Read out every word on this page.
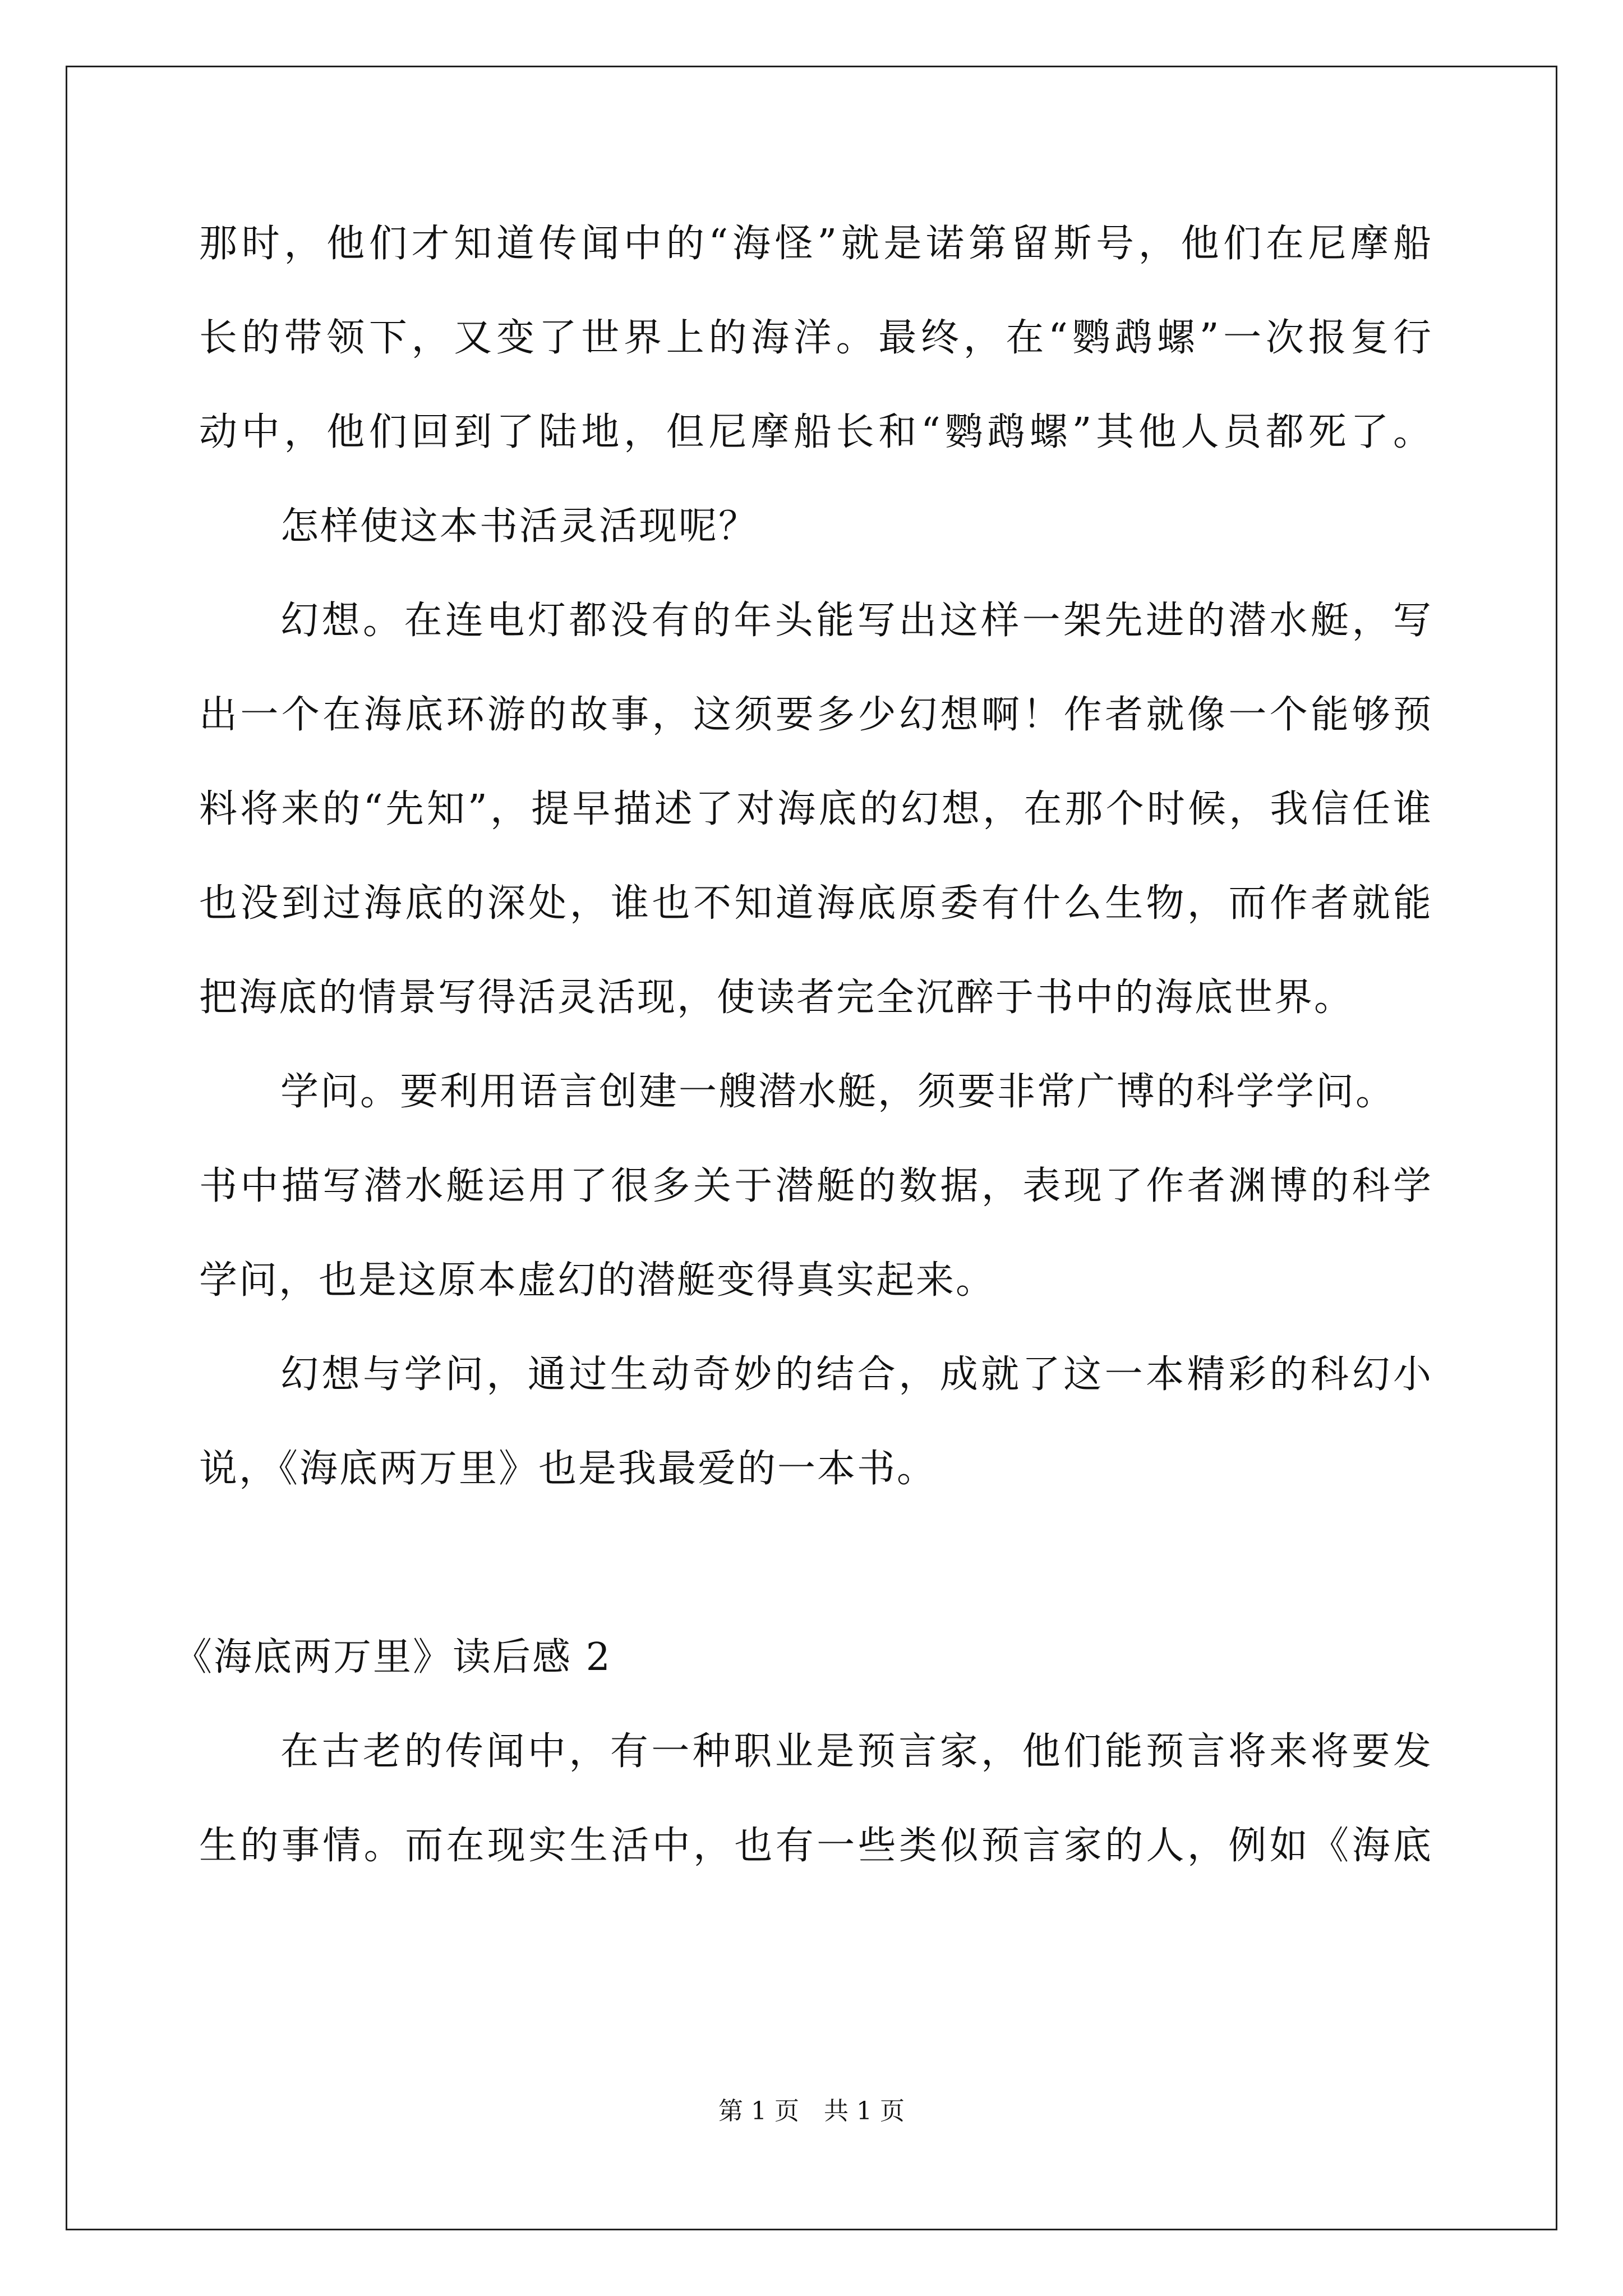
那时，他们才知道传闻中的“海怪”就是诺第留斯号，他们在尼摩船
长的带领下，又变了世界上的海洋。最终，在“鹦鹉螺”一次报复行
动中，他们回到了陆地，但尼摩船长和“鹦鹉螺”其他人员都死了。
怎样使这本书活灵活现呢？
幻想。在连电灯都没有的年头能写出这样一架先进的潜水艇，写
出一个在海底环游的故事，这须要多少幻想啊！作者就像一个能够预
料将来的“先知”，提早描述了对海底的幻想，在那个时候，我信任谁
也没到过海底的深处，谁也不知道海底原委有什么生物，而作者就能
把海底的情景写得活灵活现，使读者完全沉醉于书中的海底世界。
学问。要利用语言创建一艘潜水艇，须要非常广博的科学学问。
书中描写潜水艇运用了很多关于潜艇的数据，表现了作者渊博的科学
学问，也是这原本虚幻的潜艇变得真实起来。
幻想与学问，通过生动奇妙的结合，成就了这一本精彩的科幻小
说，《海底两万里》也是我最爱的一本书。
在古老的传闻中，有一种职业是预言家，他们能预言将来将要发
生的事情。而在现实生活中，也有一些类似预言家的人，例如《海底
《海底两万里》读后感 2
第 1 页　共 1 页
